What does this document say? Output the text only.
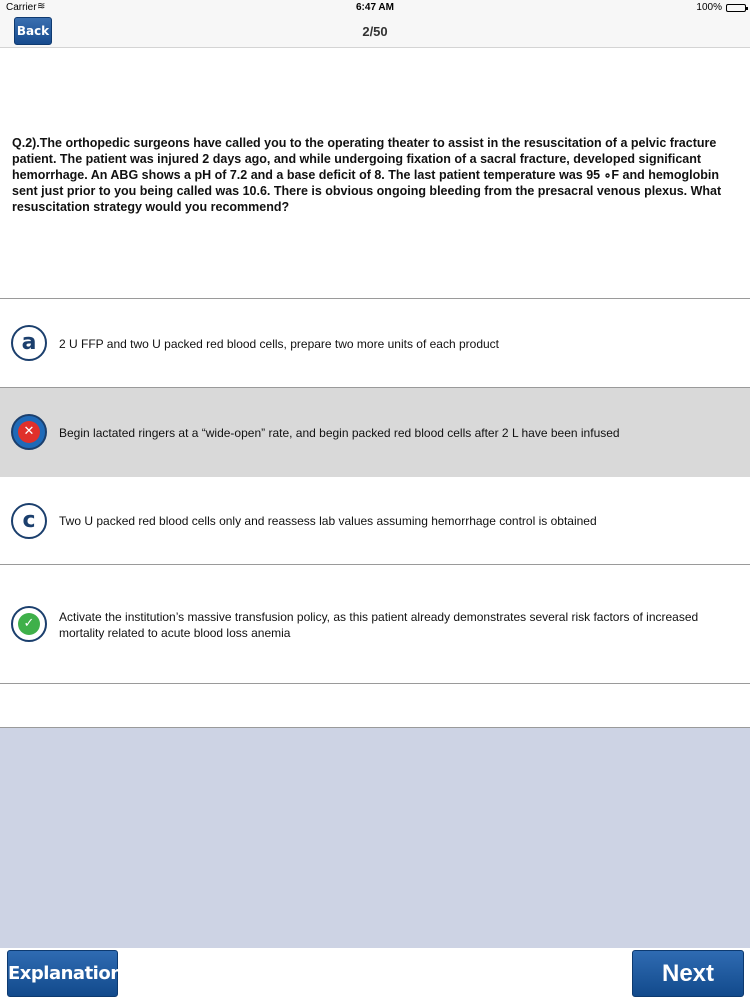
Carrier ≋	6:47 AM	100%
Back	2/50
Q.2).The orthopedic surgeons have called you to the operating theater to assist in the resuscitation of a pelvic fracture patient. The patient was injured 2 days ago, and while undergoing fixation of a sacral fracture, developed significant hemorrhage. An ABG shows a pH of 7.2 and a base deficit of 8. The last patient temperature was 95 ∘F and hemoglobin sent just prior to you being called was 10.6. There is obvious ongoing bleeding from the presacral venous plexus. What resuscitation strategy would you recommend?
a	2 U FFP and two U packed red blood cells, prepare two more units of each product
✕	Begin lactated ringers at a “wide-open” rate, and begin packed red blood cells after 2 L have been infused
c	Two U packed red blood cells only and reassess lab values assuming hemorrhage control is obtained
✓	Activate the institution’s massive transfusion policy, as this patient already demonstrates several risk factors of increased mortality related to acute blood loss anemia
Explanation	Next
